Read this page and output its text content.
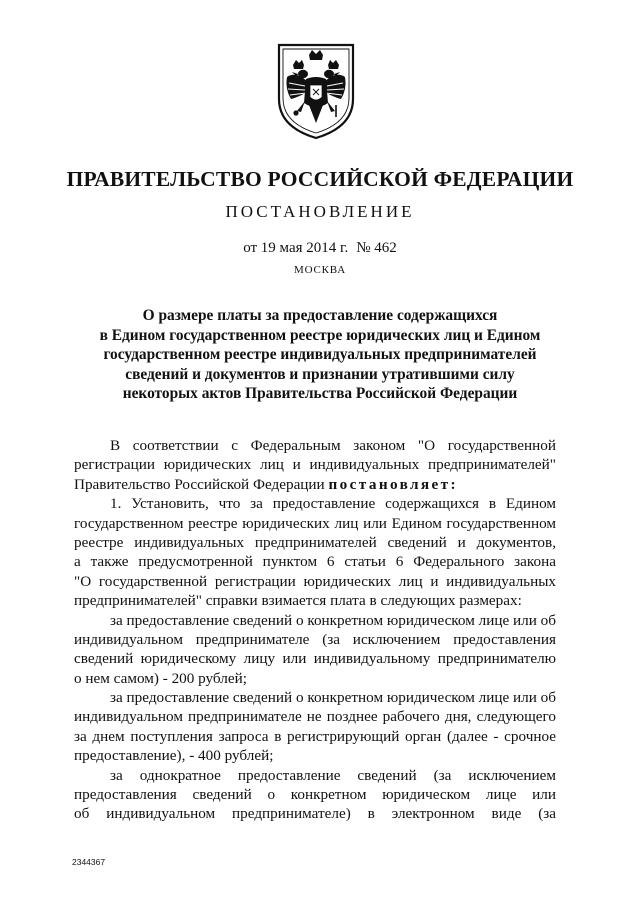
ПРАВИТЕЛЬСТВО РОССИЙСКОЙ ФЕДЕРАЦИИ
ПОСТАНОВЛЕНИЕ
от 19 мая 2014 г. № 462
МОСКВА
О размере платы за предоставление содержащихся
в Едином государственном реестре юридических лиц и Едином
государственном реестре индивидуальных предпринимателей
сведений и документов и признании утратившими силу
некоторых актов Правительства Российской Федерации
В соответствии с Федеральным законом "О государственной
регистрации юридических лиц и индивидуальных предпринимателей"
Правительство Российской Федерации постановляет:
1. Установить, что за предоставление содержащихся в Едином
государственном реестре юридических лиц или Едином государственном
реестре индивидуальных предпринимателей сведений и документов,
а также предусмотренной пунктом 6 статьи 6 Федерального закона
"О государственной регистрации юридических лиц и индивидуальных
предпринимателей" справки взимается плата в следующих размерах:
за предоставление сведений о конкретном юридическом лице или об
индивидуальном предпринимателе (за исключением предоставления
сведений юридическому лицу или индивидуальному предпринимателю
о нем самом) - 200 рублей;
за предоставление сведений о конкретном юридическом лице или об
индивидуальном предпринимателе не позднее рабочего дня, следующего
за днем поступления запроса в регистрирующий орган (далее - срочное
предоставление), - 400 рублей;
за однократное предоставление сведений (за исключением
предоставления сведений о конкретном юридическом лице или
об индивидуальном предпринимателе) в электронном виде (за
2344367
